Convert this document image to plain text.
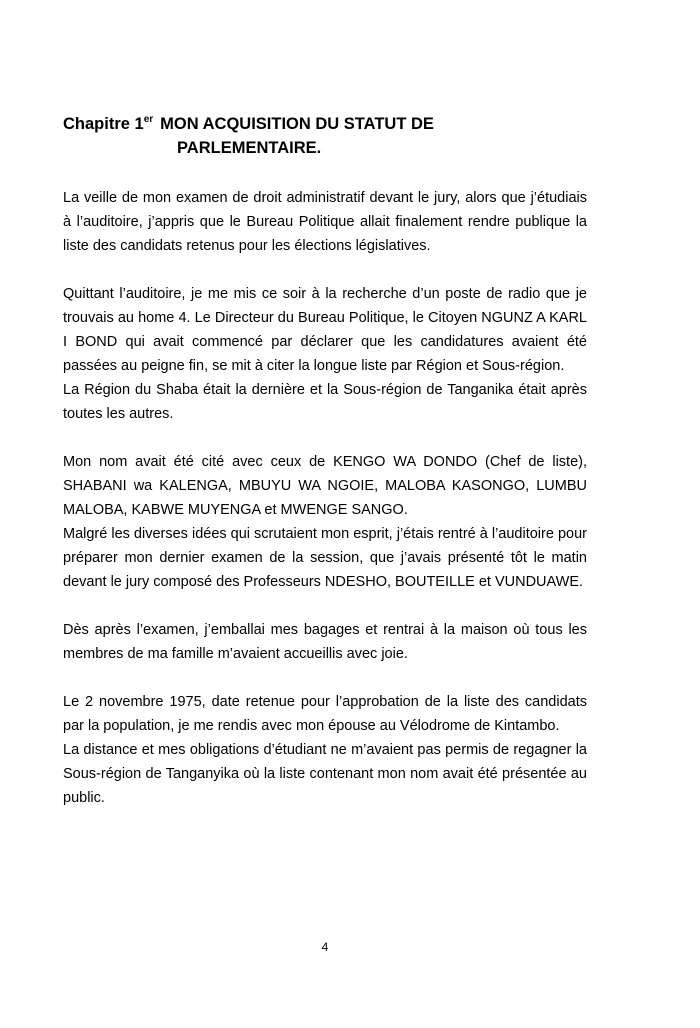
Chapitre 1er MON ACQUISITION DU STATUT DE
PARLEMENTAIRE.

La veille de mon examen de droit administratif devant le jury, alors que j’étudiais à l’auditoire, j’appris que le Bureau Politique allait finalement rendre publique la liste des candidats retenus pour les élections législatives.

Quittant l’auditoire, je me mis ce soir à la recherche d’un poste de radio que je trouvais au home 4. Le Directeur du Bureau Politique, le Citoyen NGUNZ A KARL I BOND qui avait commencé par déclarer que les candidatures avaient été passées au peigne fin, se mit à citer la longue liste par Région et Sous-région.

La Région du Shaba était la dernière et la Sous-région de Tanganika était après toutes les autres.

Mon nom avait été cité avec ceux de KENGO WA DONDO (Chef de liste), SHABANI wa KALENGA, MBUYU WA NGOIE, MALOBA KASONGO, LUMBU MALOBA, KABWE MUYENGA et MWENGE SANGO.

Malgré les diverses idées qui scrutaient mon esprit, j’étais rentré à l’auditoire pour préparer mon dernier examen de la session, que j’avais présenté tôt le matin devant le jury composé des Professeurs NDESHO, BOUTEILLE et VUNDUAWE.

Dès après l’examen, j’emballai mes bagages et rentrai à la maison où tous les membres de ma famille m’avaient accueillis avec joie.

Le 2 novembre 1975, date retenue pour l’approbation de la liste des candidats par la population, je me rendis avec mon épouse au Vélodrome de Kintambo.

La distance et mes obligations d’étudiant ne m’avaient pas permis de regagner la Sous-région de Tanganyika où la liste contenant mon nom avait été présentée au public.

4
